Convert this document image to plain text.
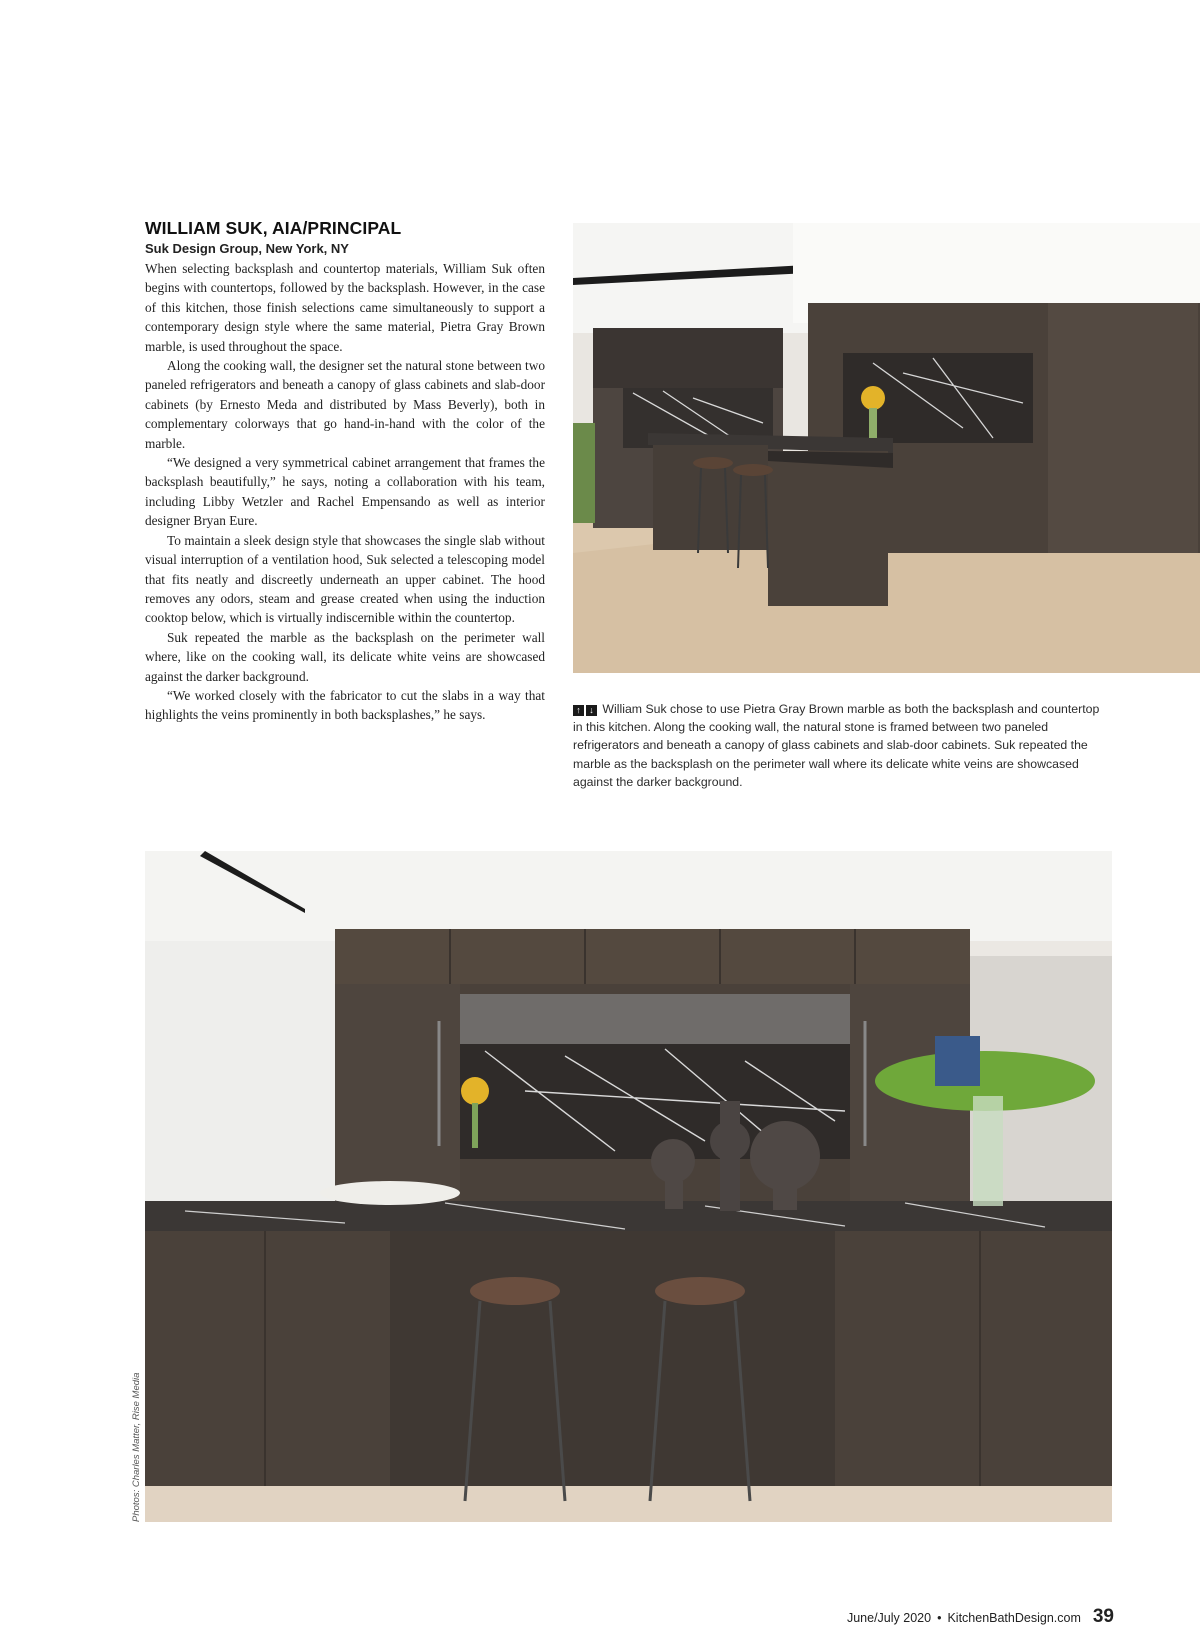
WILLIAM SUK, AIA/PRINCIPAL
Suk Design Group, New York, NY

When selecting backsplash and countertop materials, William Suk often begins with countertops, followed by the backsplash. However, in the case of this kitchen, those finish selections came simultaneously to support a contemporary design style where the same material, Pietra Gray Brown marble, is used throughout the space.

Along the cooking wall, the designer set the natural stone between two paneled refrigerators and beneath a canopy of glass cabinets and slab-door cabinets (by Ernesto Meda and distributed by Mass Beverly), both in complementary colorways that go hand-in-hand with the color of the marble.

“We designed a very symmetrical cabinet arrangement that frames the backsplash beautifully,” he says, noting a collaboration with his team, including Libby Wetzler and Rachel Empensando as well as interior designer Bryan Eure.

To maintain a sleek design style that showcases the single slab without visual interruption of a ventilation hood, Suk selected a telescoping model that fits neatly and discreetly underneath an upper cabinet. The hood removes any odors, steam and grease created when using the induction cooktop below, which is virtually indiscernible within the countertop.

Suk repeated the marble as the backsplash on the perimeter wall where, like on the cooking wall, its delicate white veins are showcased against the darker background.

“We worked closely with the fabricator to cut the slabs in a way that highlights the veins prominently in both backsplashes,” he says.	↑ ↓ William Suk chose to use Pietra Gray Brown marble as both the backsplash and countertop in this kitchen. Along the cooking wall, the natural stone is framed between two paneled refrigerators and beneath a canopy of glass cabinets and slab-door cabinets. Suk repeated the marble as the backsplash on the perimeter wall where its delicate white veins are showcased against the darker background.
Photos: Charles Matter, Rise Media
June/July 2020 • KitchenBathDesign.com 39
